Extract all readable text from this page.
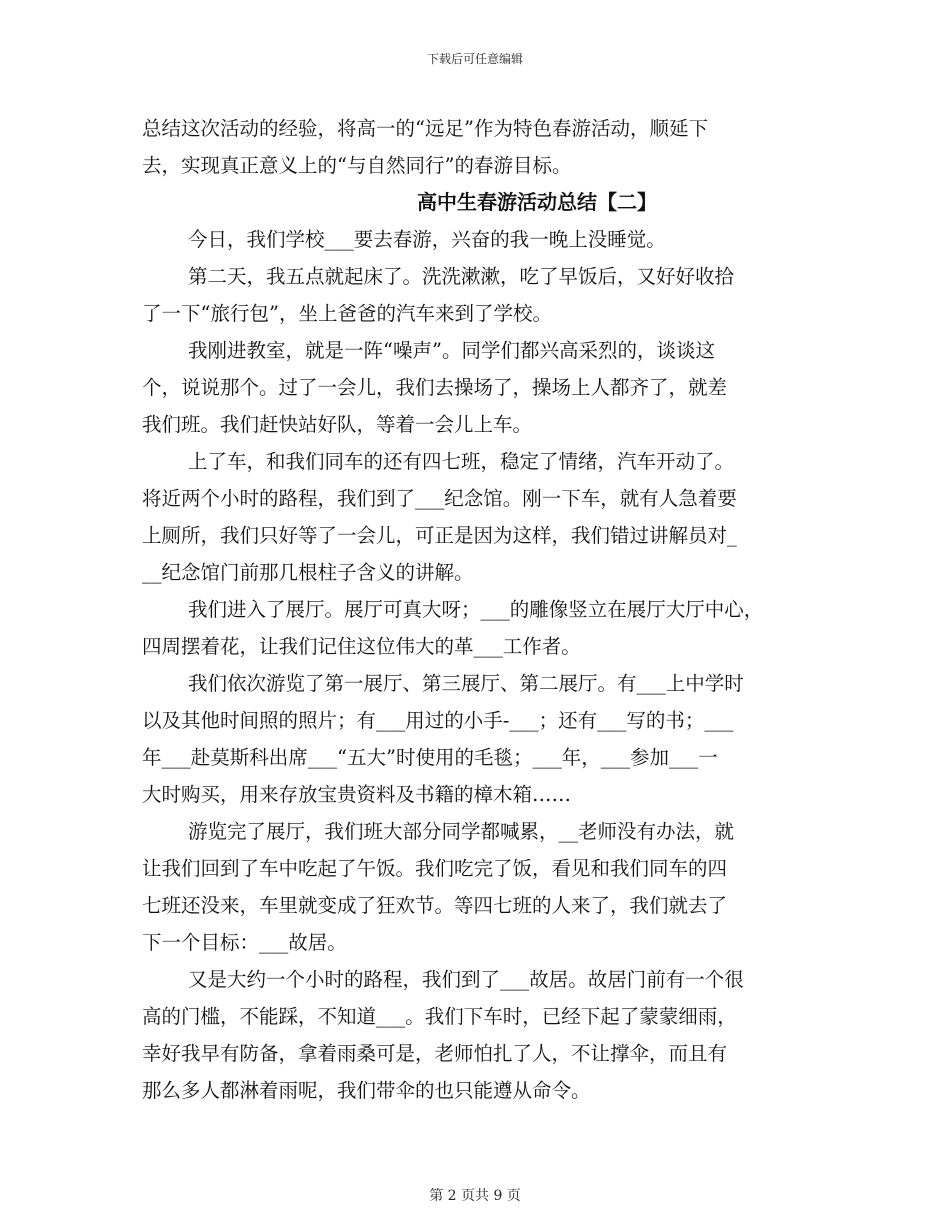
下载后可任意编辑
总结这次活动的经验，将高一的“远足”作为特色春游活动，顺延下
去，实现真正意义上的“与自然同行”的春游目标。
高中生春游活动总结【二】
今日，我们学校___要去春游，兴奋的我一晚上没睡觉。
第二天，我五点就起床了。洗洗漱漱，吃了早饭后，又好好收拾
了一下“旅行包”，坐上爸爸的汽车来到了学校。
我刚进教室，就是一阵“噪声”。同学们都兴高采烈的，谈谈这
个，说说那个。过了一会儿，我们去操场了，操场上人都齐了，就差
我们班。我们赶快站好队，等着一会儿上车。
上了车，和我们同车的还有四七班，稳定了情绪，汽车开动了。
将近两个小时的路程，我们到了___纪念馆。刚一下车，就有人急着要
上厕所，我们只好等了一会儿，可正是因为这样，我们错过讲解员对_
__纪念馆门前那几根柱子含义的讲解。
我们进入了展厅。展厅可真大呀；___的雕像竖立在展厅大厅中心，
四周摆着花，让我们记住这位伟大的革___工作者。
我们依次游览了第一展厅、第三展厅、第二展厅。有___上中学时
以及其他时间照的照片；有___用过的小手-___；还有___写的书；___
年___赴莫斯科出席___“五大”时使用的毛毯；___年，___参加___一
大时购买，用来存放宝贵资料及书籍的樟木箱……
游览完了展厅，我们班大部分同学都喊累，__老师没有办法，就
让我们回到了车中吃起了午饭。我们吃完了饭，看见和我们同车的四
七班还没来，车里就变成了狂欢节。等四七班的人来了，我们就去了
下一个目标：___故居。
又是大约一个小时的路程，我们到了___故居。故居门前有一个很
高的门槛，不能踩，不知道___。我们下车时，已经下起了蒙蒙细雨，
幸好我早有防备，拿着雨桑可是，老师怕扎了人，不让撑伞，而且有
那么多人都淋着雨呢，我们带伞的也只能遵从命令。
第 2 页共 9 页
